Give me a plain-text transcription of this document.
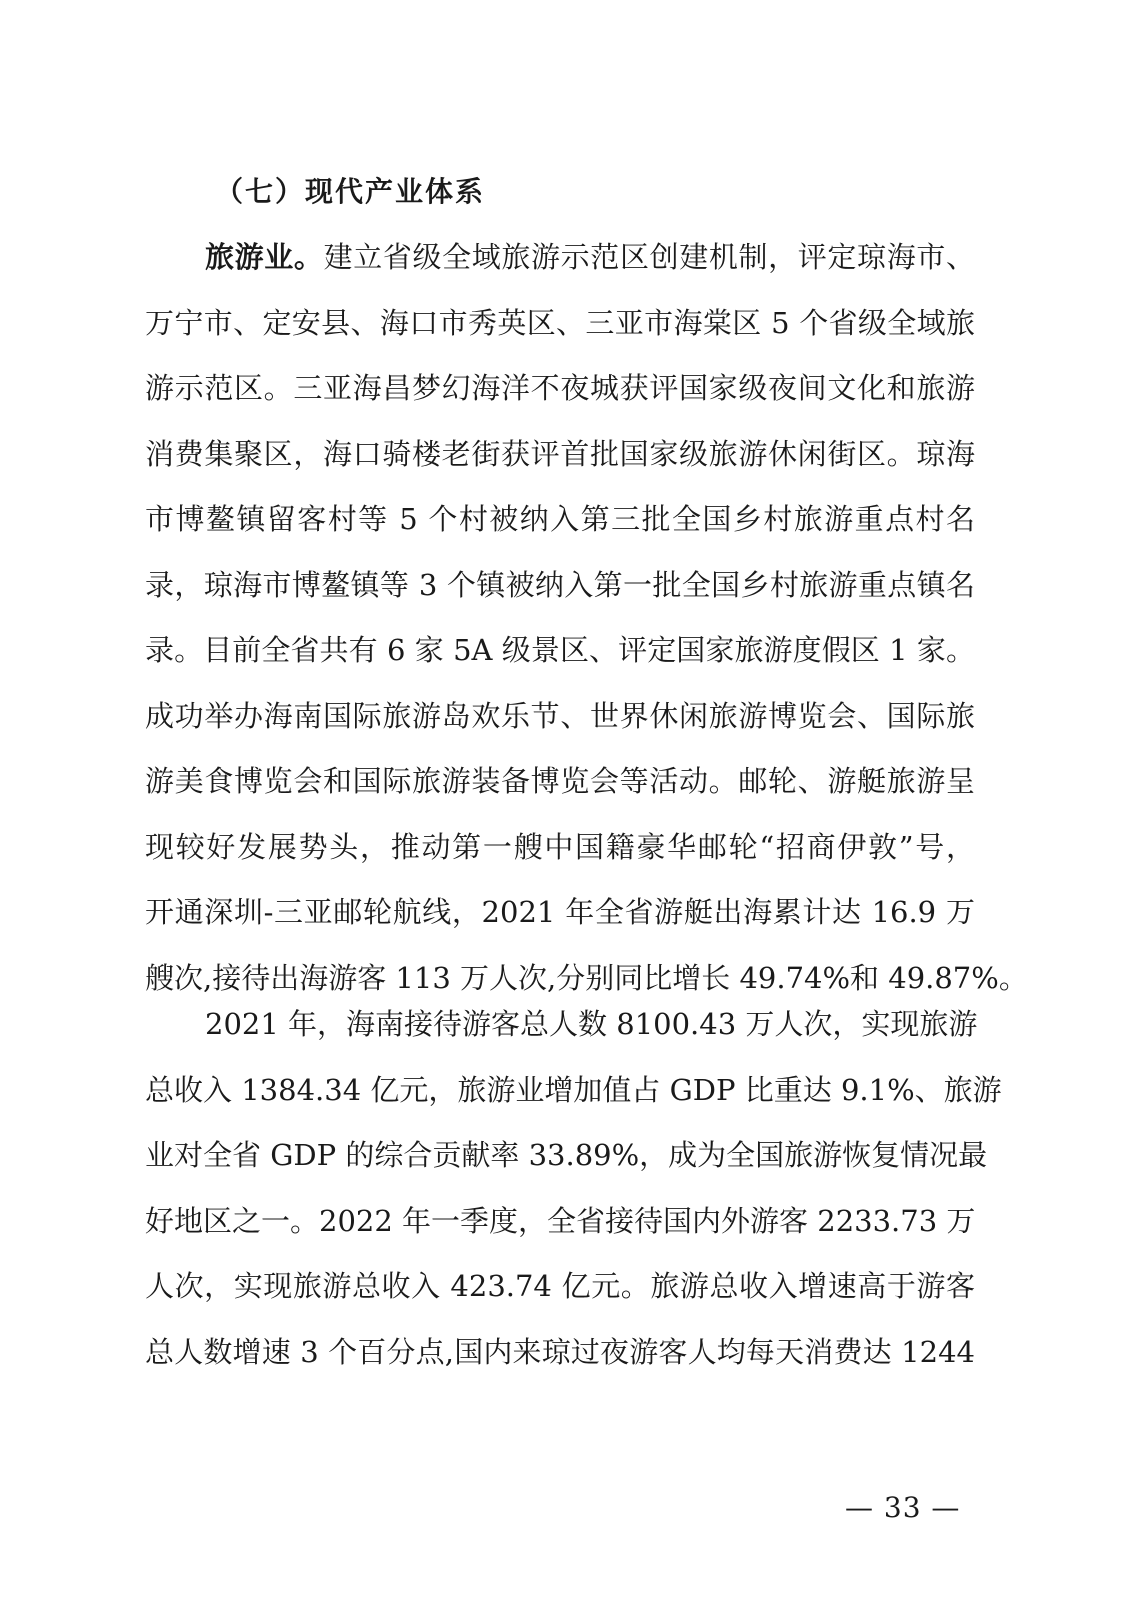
（七）现代产业体系
旅游业。建立省级全域旅游示范区创建机制，评定琼海市、
万宁市、定安县、海口市秀英区、三亚市海棠区 5 个省级全域旅
游示范区。三亚海昌梦幻海洋不夜城获评国家级夜间文化和旅游
消费集聚区，海口骑楼老街获评首批国家级旅游休闲街区。琼海
市博鳌镇留客村等 5 个村被纳入第三批全国乡村旅游重点村名
录，琼海市博鳌镇等 3 个镇被纳入第一批全国乡村旅游重点镇名
录。目前全省共有 6 家 5A 级景区、评定国家旅游度假区 1 家。
成功举办海南国际旅游岛欢乐节、世界休闲旅游博览会、国际旅
游美食博览会和国际旅游装备博览会等活动。邮轮、游艇旅游呈
现较好发展势头，推动第一艘中国籍豪华邮轮“招商伊敦”号，
开通深圳-三亚邮轮航线，2021 年全省游艇出海累计达 16.9 万
艘次,接待出海游客 113 万人次,分别同比增长 49.74%和 49.87%。
2021 年，海南接待游客总人数 8100.43 万人次，实现旅游
总收入 1384.34 亿元，旅游业增加值占 GDP 比重达 9.1%、旅游
业对全省 GDP 的综合贡献率 33.89%，成为全国旅游恢复情况最
好地区之一。2022 年一季度，全省接待国内外游客 2233.73 万
人次，实现旅游总收入 423.74 亿元。旅游总收入增速高于游客
总人数增速 3 个百分点,国内来琼过夜游客人均每天消费达 1244
— 33 —
